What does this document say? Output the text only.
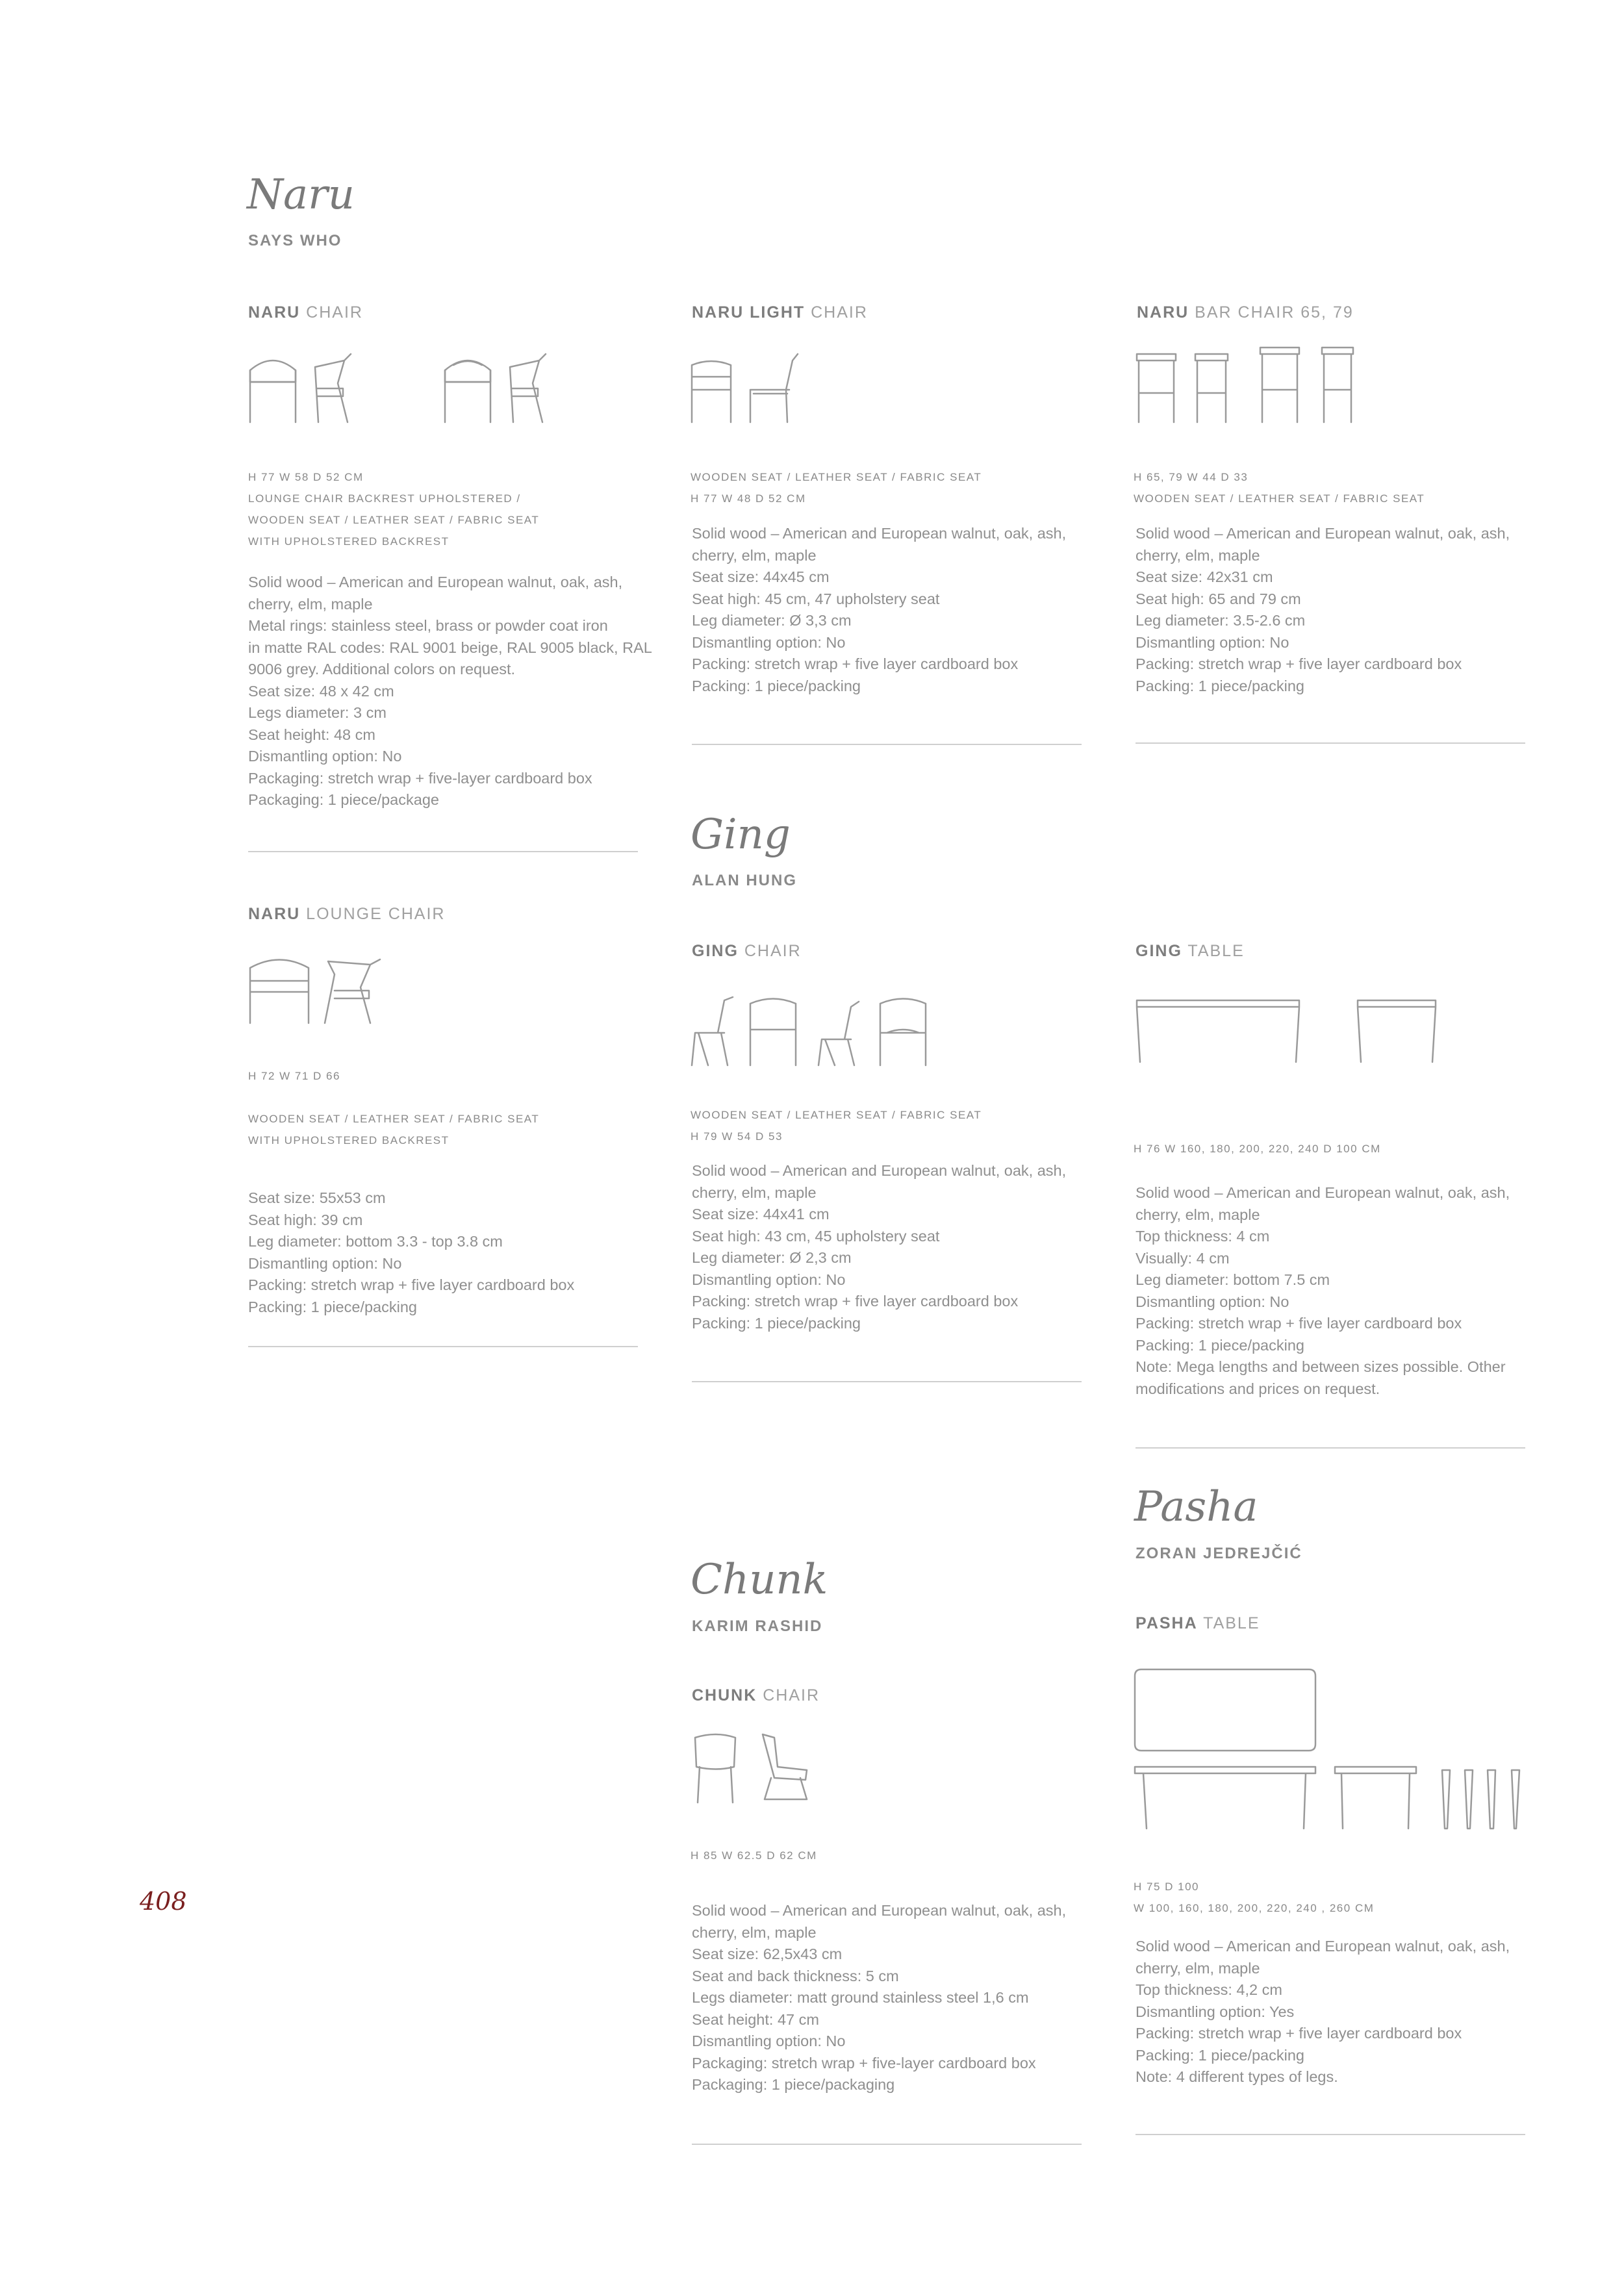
Naru
SAYS WHO
NARU CHAIR
H 77 W 58 D 52 CM
LOUNGE CHAIR BACKREST UPHOLSTERED /
WOODEN SEAT / LEATHER SEAT / FABRIC SEAT
WITH UPHOLSTERED BACKREST
Solid wood – American and European walnut, oak, ash,
cherry, elm, maple
Metal rings: stainless steel, brass or powder coat iron
in matte RAL codes: RAL 9001 beige, RAL 9005 black, RAL
9006 grey. Additional colors on request.
Seat size: 48 x 42 cm
Legs diameter: 3 cm
Seat height: 48 cm
Dismantling option: No
Packaging: stretch wrap + five-layer cardboard box
Packaging: 1 piece/package
NARU LIGHT CHAIR
WOODEN SEAT / LEATHER SEAT / FABRIC SEAT
H 77 W 48 D 52 CM
Solid wood – American and European walnut, oak, ash,
cherry, elm, maple
Seat size: 44x45 cm
Seat high: 45 cm, 47 upholstery seat
Leg diameter: Ø 3,3 cm
Dismantling option: No
Packing: stretch wrap + five layer cardboard box
Packing: 1 piece/packing
NARU BAR CHAIR 65, 79
H 65, 79 W 44 D 33
WOODEN SEAT / LEATHER SEAT / FABRIC SEAT
Solid wood – American and European walnut, oak, ash,
cherry, elm, maple
Seat size: 42x31 cm
Seat high: 65 and 79 cm
Leg diameter: 3.5-2.6 cm
Dismantling option: No
Packing: stretch wrap + five layer cardboard box
Packing: 1 piece/packing
NARU LOUNGE CHAIR
H 72 W 71 D 66
WOODEN SEAT / LEATHER SEAT / FABRIC SEAT
WITH UPHOLSTERED BACKREST
Seat size: 55x53 cm
Seat high: 39 cm
Leg diameter: bottom 3.3 - top 3.8 cm
Dismantling option: No
Packing: stretch wrap + five layer cardboard box
Packing: 1 piece/packing
Ging
ALAN HUNG
GING CHAIR
WOODEN SEAT / LEATHER SEAT / FABRIC SEAT
H 79 W 54 D 53
Solid wood – American and European walnut, oak, ash,
cherry, elm, maple
Seat size: 44x41 cm
Seat high: 43 cm, 45 upholstery seat
Leg diameter: Ø 2,3 cm
Dismantling option: No
Packing: stretch wrap + five layer cardboard box
Packing: 1 piece/packing
GING TABLE
H 76 W 160, 180, 200, 220, 240 D 100 CM
Solid wood – American and European walnut, oak, ash,
cherry, elm, maple
Top thickness: 4 cm
Visually: 4 cm
Leg diameter: bottom 7.5 cm
Dismantling option: No
Packing: stretch wrap + five layer cardboard box
Packing: 1 piece/packing
Note: Mega lengths and between sizes possible. Other
modifications and prices on request.
Chunk
KARIM RASHID
CHUNK CHAIR
H 85 W 62.5 D 62 CM
Solid wood – American and European walnut, oak, ash,
cherry, elm, maple
Seat size: 62,5x43 cm
Seat and back thickness: 5 cm
Legs diameter: matt ground stainless steel 1,6 cm
Seat height: 47 cm
Dismantling option: No
Packaging: stretch wrap + five-layer cardboard box
Packaging: 1 piece/packaging
Pasha
ZORAN JEDREJČIĆ
PASHA TABLE
H 75 D 100
W 100, 160, 180, 200, 220, 240 , 260 CM
Solid wood – American and European walnut, oak, ash,
cherry, elm, maple
Top thickness: 4,2 cm
Dismantling option: Yes
Packing: stretch wrap + five layer cardboard box
Packing: 1 piece/packing
Note: 4 different types of legs.
408
